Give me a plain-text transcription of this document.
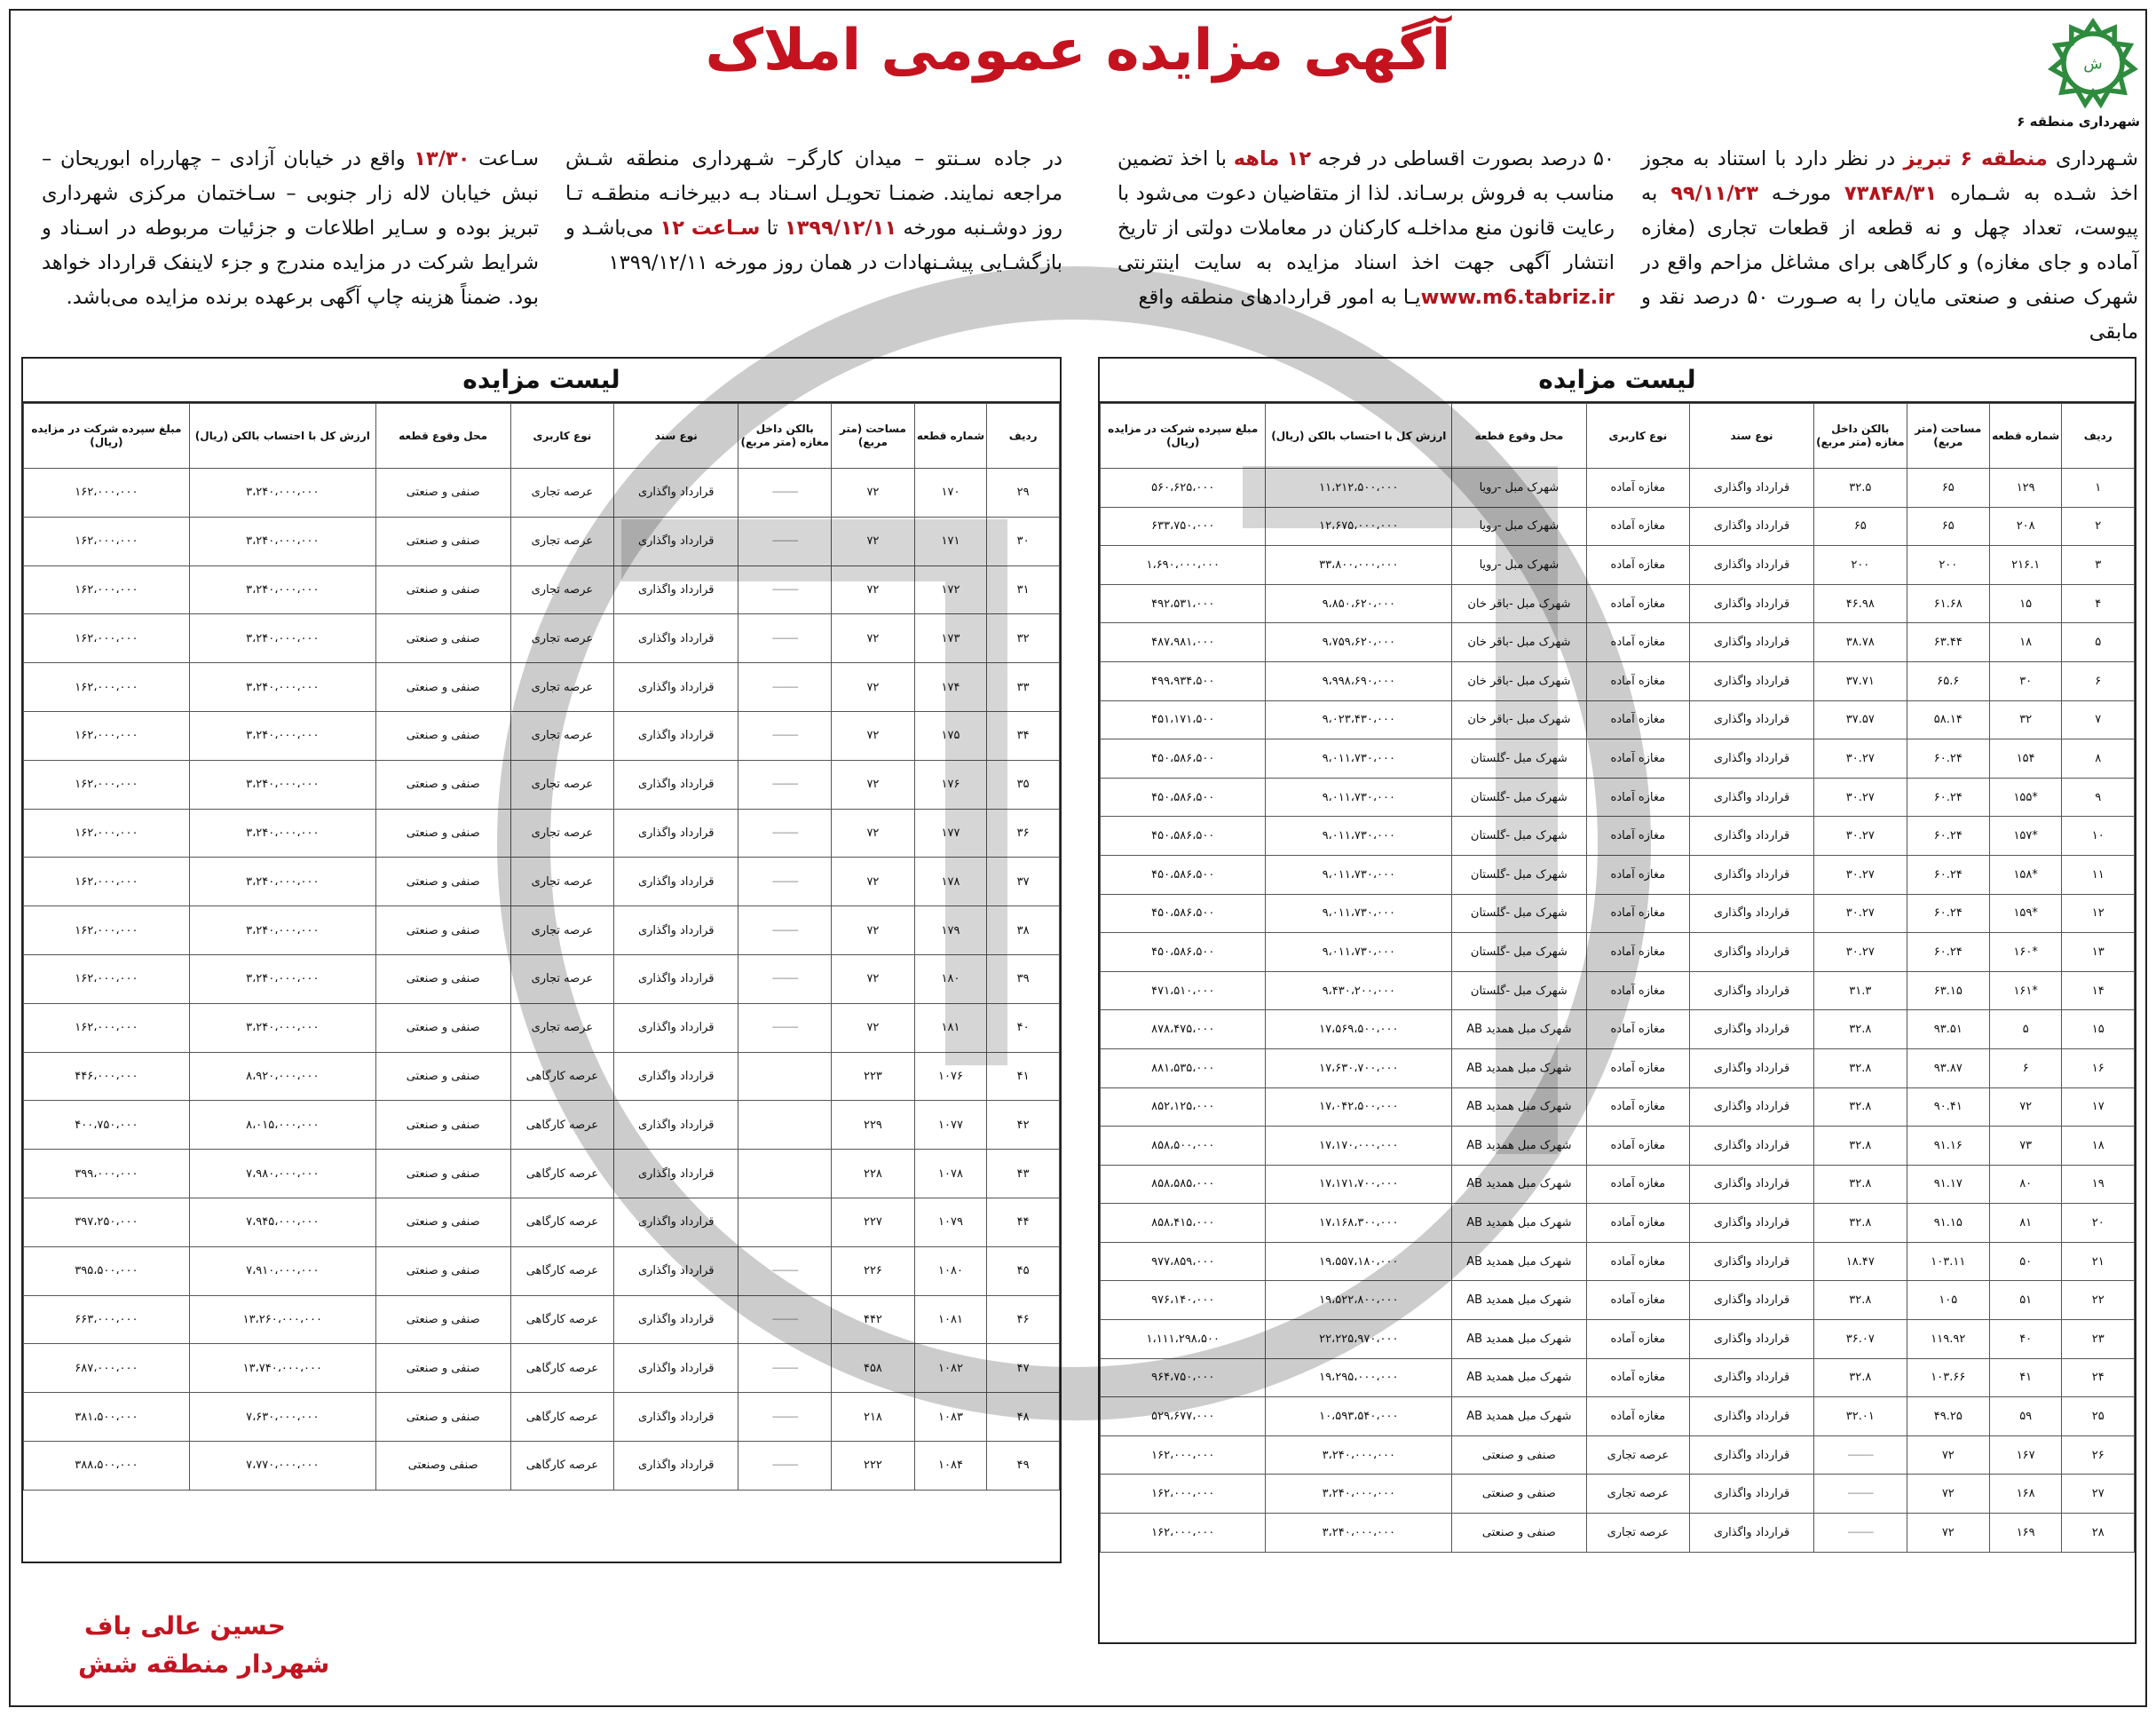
ش
شهرداری منطقه ۶
آگهی مزایده عمومی املاک
شـهرداری منطقه ۶ تبریز در نظر دارد با استناد به مجوز اخذ شـده به شـماره ۷۳۸۴۸/۳۱ مورخـه ۹۹/۱۱/۲۳ به پیوست، تعداد چهل و نه قطعه از قطعات تجاری (مغازه آماده و جای مغازه) و کارگاهی برای مشاغل مزاحم واقع در شهرک صنفی و صنعتی مایان را به صـورت ۵۰ درصد نقد و مابقی
۵۰ درصد بصورت اقساطی در فرجه ۱۲ ماهه با اخذ تضمین مناسب به فروش برسـاند. لذا از متقاضیان دعوت می‌شود با رعایت قانون منع مداخلـه کارکنان در معاملات دولتی از تاریخ انتشار آگهی جهت اخذ اسناد مزایده به سایت اینترنتی www.m6.tabriz.irیـا به امور قراردادهای منطقه واقع
در جاده سـنتو – میدان کارگر– شـهرداری منطقه شـش مراجعه نمایند. ضمنـا تحویـل اسـناد بـه دبیرخانـه منطقـه تـا روز دوشـنبه مورخه ۱۳۹۹/۱۲/۱۱ تا سـاعت ۱۲ می‌باشـد و بازگشـایی پیشـنهادات در همان روز مورخه ۱۳۹۹/۱۲/۱۱
سـاعت ۱۳/۳۰ واقع در خیابان آزادی – چهارراه ابوریحان – نبش خیابان لاله زار جنوبی – سـاختمان مرکزی شهرداری تبریز بوده و سـایر اطلاعات و جزئیات مربوطه در اسـناد و شرایط شرکت در مزایده مندرج و جزء لاینفک قرارداد خواهد بود. ضمناً هزینه چاپ آگهی برعهده برنده مزایده می‌باشد.
لیست مزایده
ردیف	شماره قطعه	مساحت (متر مربع)	بالکن داخل مغازه (متر مربع)	نوع سند	نوع کاربری	محل وقوع قطعه	ارزش کل با احتساب بالکن (ریال)	مبلغ سپرده شرکت در مزایده (ریال)
۱	۱۲۹	۶۵	۳۲.۵	قرارداد واگذاری	مغازه آماده	شهرک مبل -رویا	۱۱،۲۱۲،۵۰۰،۰۰۰	۵۶۰،۶۲۵،۰۰۰
۲	۲۰۸	۶۵	۶۵	قرارداد واگذاری	مغازه آماده	شهرک مبل -رویا	۱۲،۶۷۵،۰۰۰،۰۰۰	۶۳۳،۷۵۰،۰۰۰
۳	۲۱۶.۱	۲۰۰	۲۰۰	قرارداد واگذاری	مغازه آماده	شهرک مبل -رویا	۳۳،۸۰۰،۰۰۰،۰۰۰	۱،۶۹۰،۰۰۰،۰۰۰
۴	۱۵	۶۱.۶۸	۴۶.۹۸	قرارداد واگذاری	مغازه آماده	شهرک مبل -باقر خان	۹،۸۵۰،۶۲۰،۰۰۰	۴۹۲،۵۳۱،۰۰۰
۵	۱۸	۶۳.۴۴	۳۸.۷۸	قرارداد واگذاری	مغازه آماده	شهرک مبل -باقر خان	۹،۷۵۹،۶۲۰،۰۰۰	۴۸۷،۹۸۱،۰۰۰
۶	۳۰	۶۵.۶	۳۷.۷۱	قرارداد واگذاری	مغازه آماده	شهرک مبل -باقر خان	۹،۹۹۸،۶۹۰،۰۰۰	۴۹۹،۹۳۴،۵۰۰
۷	۳۲	۵۸.۱۴	۳۷.۵۷	قرارداد واگذاری	مغازه آماده	شهرک مبل -باقر خان	۹،۰۲۳،۴۳۰،۰۰۰	۴۵۱،۱۷۱،۵۰۰
۸	۱۵۴	۶۰.۲۴	۳۰.۲۷	قرارداد واگذاری	مغازه آماده	شهرک مبل -گلستان	۹،۰۱۱،۷۳۰،۰۰۰	۴۵۰،۵۸۶،۵۰۰
۹	*۱۵۵	۶۰.۲۴	۳۰.۲۷	قرارداد واگذاری	مغازه آماده	شهرک مبل -گلستان	۹،۰۱۱،۷۳۰،۰۰۰	۴۵۰،۵۸۶،۵۰۰
۱۰	*۱۵۷	۶۰.۲۴	۳۰.۲۷	قرارداد واگذاری	مغازه آماده	شهرک مبل -گلستان	۹،۰۱۱،۷۳۰،۰۰۰	۴۵۰،۵۸۶،۵۰۰
۱۱	*۱۵۸	۶۰.۲۴	۳۰.۲۷	قرارداد واگذاری	مغازه آماده	شهرک مبل -گلستان	۹،۰۱۱،۷۳۰،۰۰۰	۴۵۰،۵۸۶،۵۰۰
۱۲	*۱۵۹	۶۰.۲۴	۳۰.۲۷	قرارداد واگذاری	مغازه آماده	شهرک مبل -گلستان	۹،۰۱۱،۷۳۰،۰۰۰	۴۵۰،۵۸۶،۵۰۰
۱۳	*۱۶۰	۶۰.۲۴	۳۰.۲۷	قرارداد واگذاری	مغازه آماده	شهرک مبل -گلستان	۹،۰۱۱،۷۳۰،۰۰۰	۴۵۰،۵۸۶،۵۰۰
۱۴	*۱۶۱	۶۳.۱۵	۳۱.۳	قرارداد واگذاری	مغازه آماده	شهرک مبل -گلستان	۹،۴۳۰،۲۰۰،۰۰۰	۴۷۱،۵۱۰،۰۰۰
۱۵	۵	۹۳.۵۱	۳۲.۸	قرارداد واگذاری	مغازه آماده	شهرک مبل همدید AB	۱۷،۵۶۹،۵۰۰،۰۰۰	۸۷۸،۴۷۵،۰۰۰
۱۶	۶	۹۳.۸۷	۳۲.۸	قرارداد واگذاری	مغازه آماده	شهرک مبل همدید AB	۱۷،۶۳۰،۷۰۰،۰۰۰	۸۸۱،۵۳۵،۰۰۰
۱۷	۷۲	۹۰.۴۱	۳۲.۸	قرارداد واگذاری	مغازه آماده	شهرک مبل همدید AB	۱۷،۰۴۲،۵۰۰،۰۰۰	۸۵۲،۱۲۵،۰۰۰
۱۸	۷۳	۹۱.۱۶	۳۲.۸	قرارداد واگذاری	مغازه آماده	شهرک مبل همدید AB	۱۷،۱۷۰،۰۰۰،۰۰۰	۸۵۸،۵۰۰،۰۰۰
۱۹	۸۰	۹۱.۱۷	۳۲.۸	قرارداد واگذاری	مغازه آماده	شهرک مبل همدید AB	۱۷،۱۷۱،۷۰۰،۰۰۰	۸۵۸،۵۸۵،۰۰۰
۲۰	۸۱	۹۱.۱۵	۳۲.۸	قرارداد واگذاری	مغازه آماده	شهرک مبل همدید AB	۱۷،۱۶۸،۳۰۰،۰۰۰	۸۵۸،۴۱۵،۰۰۰
۲۱	۵۰	۱۰۳.۱۱	۱۸.۴۷	قرارداد واگذاری	مغازه آماده	شهرک مبل همدید AB	۱۹،۵۵۷،۱۸۰،۰۰۰	۹۷۷،۸۵۹،۰۰۰
۲۲	۵۱	۱۰۵	۳۲.۸	قرارداد واگذاری	مغازه آماده	شهرک مبل همدید AB	۱۹،۵۲۲،۸۰۰،۰۰۰	۹۷۶،۱۴۰،۰۰۰
۲۳	۴۰	۱۱۹.۹۲	۳۶.۰۷	قرارداد واگذاری	مغازه آماده	شهرک مبل همدید AB	۲۲،۲۲۵،۹۷۰،۰۰۰	۱،۱۱۱،۲۹۸،۵۰۰
۲۴	۴۱	۱۰۳.۶۶	۳۲.۸	قرارداد واگذاری	مغازه آماده	شهرک مبل همدید AB	۱۹،۲۹۵،۰۰۰،۰۰۰	۹۶۴،۷۵۰،۰۰۰
۲۵	۵۹	۴۹.۲۵	۳۲.۰۱	قرارداد واگذاری	مغازه آماده	شهرک مبل همدید AB	۱۰،۵۹۳،۵۴۰،۰۰۰	۵۲۹،۶۷۷،۰۰۰
۲۶	۱۶۷	۷۲	-----------	قرارداد واگذاری	عرصه تجاری	صنفی و صنعتی	۳،۲۴۰،۰۰۰،۰۰۰	۱۶۲،۰۰۰،۰۰۰
۲۷	۱۶۸	۷۲	-----------	قرارداد واگذاری	عرصه تجاری	صنفی و صنعتی	۳،۲۴۰،۰۰۰،۰۰۰	۱۶۲،۰۰۰،۰۰۰
۲۸	۱۶۹	۷۲	-----------	قرارداد واگذاری	عرصه تجاری	صنفی و صنعتی	۳،۲۴۰،۰۰۰،۰۰۰	۱۶۲،۰۰۰،۰۰۰
لیست مزایده
ردیف	شماره قطعه	مساحت (متر مربع)	بالکن داخل مغازه (متر مربع)	نوع سند	نوع کاربری	محل وقوع قطعه	ارزش کل با احتساب بالکن (ریال)	مبلغ سپرده شرکت در مزایده (ریال)
۲۹	۱۷۰	۷۲	-----------	قرارداد واگذاری	عرصه تجاری	صنفی و صنعتی	۳،۲۴۰،۰۰۰،۰۰۰	۱۶۲،۰۰۰،۰۰۰
۳۰	۱۷۱	۷۲	-----------	قرارداد واگذاری	عرصه تجاری	صنفی و صنعتی	۳،۲۴۰،۰۰۰،۰۰۰	۱۶۲،۰۰۰،۰۰۰
۳۱	۱۷۲	۷۲	-----------	قرارداد واگذاری	عرصه تجاری	صنفی و صنعتی	۳،۲۴۰،۰۰۰،۰۰۰	۱۶۲،۰۰۰،۰۰۰
۳۲	۱۷۳	۷۲	-----------	قرارداد واگذاری	عرصه تجاری	صنفی و صنعتی	۳،۲۴۰،۰۰۰،۰۰۰	۱۶۲،۰۰۰،۰۰۰
۳۳	۱۷۴	۷۲	-----------	قرارداد واگذاری	عرصه تجاری	صنفی و صنعتی	۳،۲۴۰،۰۰۰،۰۰۰	۱۶۲،۰۰۰،۰۰۰
۳۴	۱۷۵	۷۲	-----------	قرارداد واگذاری	عرصه تجاری	صنفی و صنعتی	۳،۲۴۰،۰۰۰،۰۰۰	۱۶۲،۰۰۰،۰۰۰
۳۵	۱۷۶	۷۲	-----------	قرارداد واگذاری	عرصه تجاری	صنفی و صنعتی	۳،۲۴۰،۰۰۰،۰۰۰	۱۶۲،۰۰۰،۰۰۰
۳۶	۱۷۷	۷۲	-----------	قرارداد واگذاری	عرصه تجاری	صنفی و صنعتی	۳،۲۴۰،۰۰۰،۰۰۰	۱۶۲،۰۰۰،۰۰۰
۳۷	۱۷۸	۷۲	-----------	قرارداد واگذاری	عرصه تجاری	صنفی و صنعتی	۳،۲۴۰،۰۰۰،۰۰۰	۱۶۲،۰۰۰،۰۰۰
۳۸	۱۷۹	۷۲	-----------	قرارداد واگذاری	عرصه تجاری	صنفی و صنعتی	۳،۲۴۰،۰۰۰،۰۰۰	۱۶۲،۰۰۰،۰۰۰
۳۹	۱۸۰	۷۲	-----------	قرارداد واگذاری	عرصه تجاری	صنفی و صنعتی	۳،۲۴۰،۰۰۰،۰۰۰	۱۶۲،۰۰۰،۰۰۰
۴۰	۱۸۱	۷۲	-----------	قرارداد واگذاری	عرصه تجاری	صنفی و صنعتی	۳،۲۴۰،۰۰۰،۰۰۰	۱۶۲،۰۰۰،۰۰۰
۴۱	۱۰۷۶	۲۲۳		قرارداد واگذاری	عرصه کارگاهی	صنفی و صنعتی	۸،۹۲۰،۰۰۰،۰۰۰	۴۴۶،۰۰۰،۰۰۰
۴۲	۱۰۷۷	۲۲۹		قرارداد واگذاری	عرصه کارگاهی	صنفی و صنعتی	۸،۰۱۵،۰۰۰،۰۰۰	۴۰۰،۷۵۰،۰۰۰
۴۳	۱۰۷۸	۲۲۸		قرارداد واگذاری	عرصه کارگاهی	صنفی و صنعتی	۷،۹۸۰،۰۰۰،۰۰۰	۳۹۹،۰۰۰،۰۰۰
۴۴	۱۰۷۹	۲۲۷		قرارداد واگذاری	عرصه کارگاهی	صنفی و صنعتی	۷،۹۴۵،۰۰۰،۰۰۰	۳۹۷،۲۵۰،۰۰۰
۴۵	۱۰۸۰	۲۲۶	-----------	قرارداد واگذاری	عرصه کارگاهی	صنفی و صنعتی	۷،۹۱۰،۰۰۰،۰۰۰	۳۹۵،۵۰۰،۰۰۰
۴۶	۱۰۸۱	۴۴۲	-----------	قرارداد واگذاری	عرصه کارگاهی	صنفی و صنعتی	۱۳،۲۶۰،۰۰۰،۰۰۰	۶۶۳،۰۰۰،۰۰۰
۴۷	۱۰۸۲	۴۵۸	-----------	قرارداد واگذاری	عرصه کارگاهی	صنفی و صنعتی	۱۳،۷۴۰،۰۰۰،۰۰۰	۶۸۷،۰۰۰،۰۰۰
۴۸	۱۰۸۳	۲۱۸	-----------	قرارداد واگذاری	عرصه کارگاهی	صنفی و صنعتی	۷،۶۳۰،۰۰۰،۰۰۰	۳۸۱،۵۰۰،۰۰۰
۴۹	۱۰۸۴	۲۲۲	-----------	قرارداد واگذاری	عرصه کارگاهی	صنفی وصنعتی	۷،۷۷۰،۰۰۰،۰۰۰	۳۸۸،۵۰۰،۰۰۰
حسین عالی باف
شهردار منطقه شش
